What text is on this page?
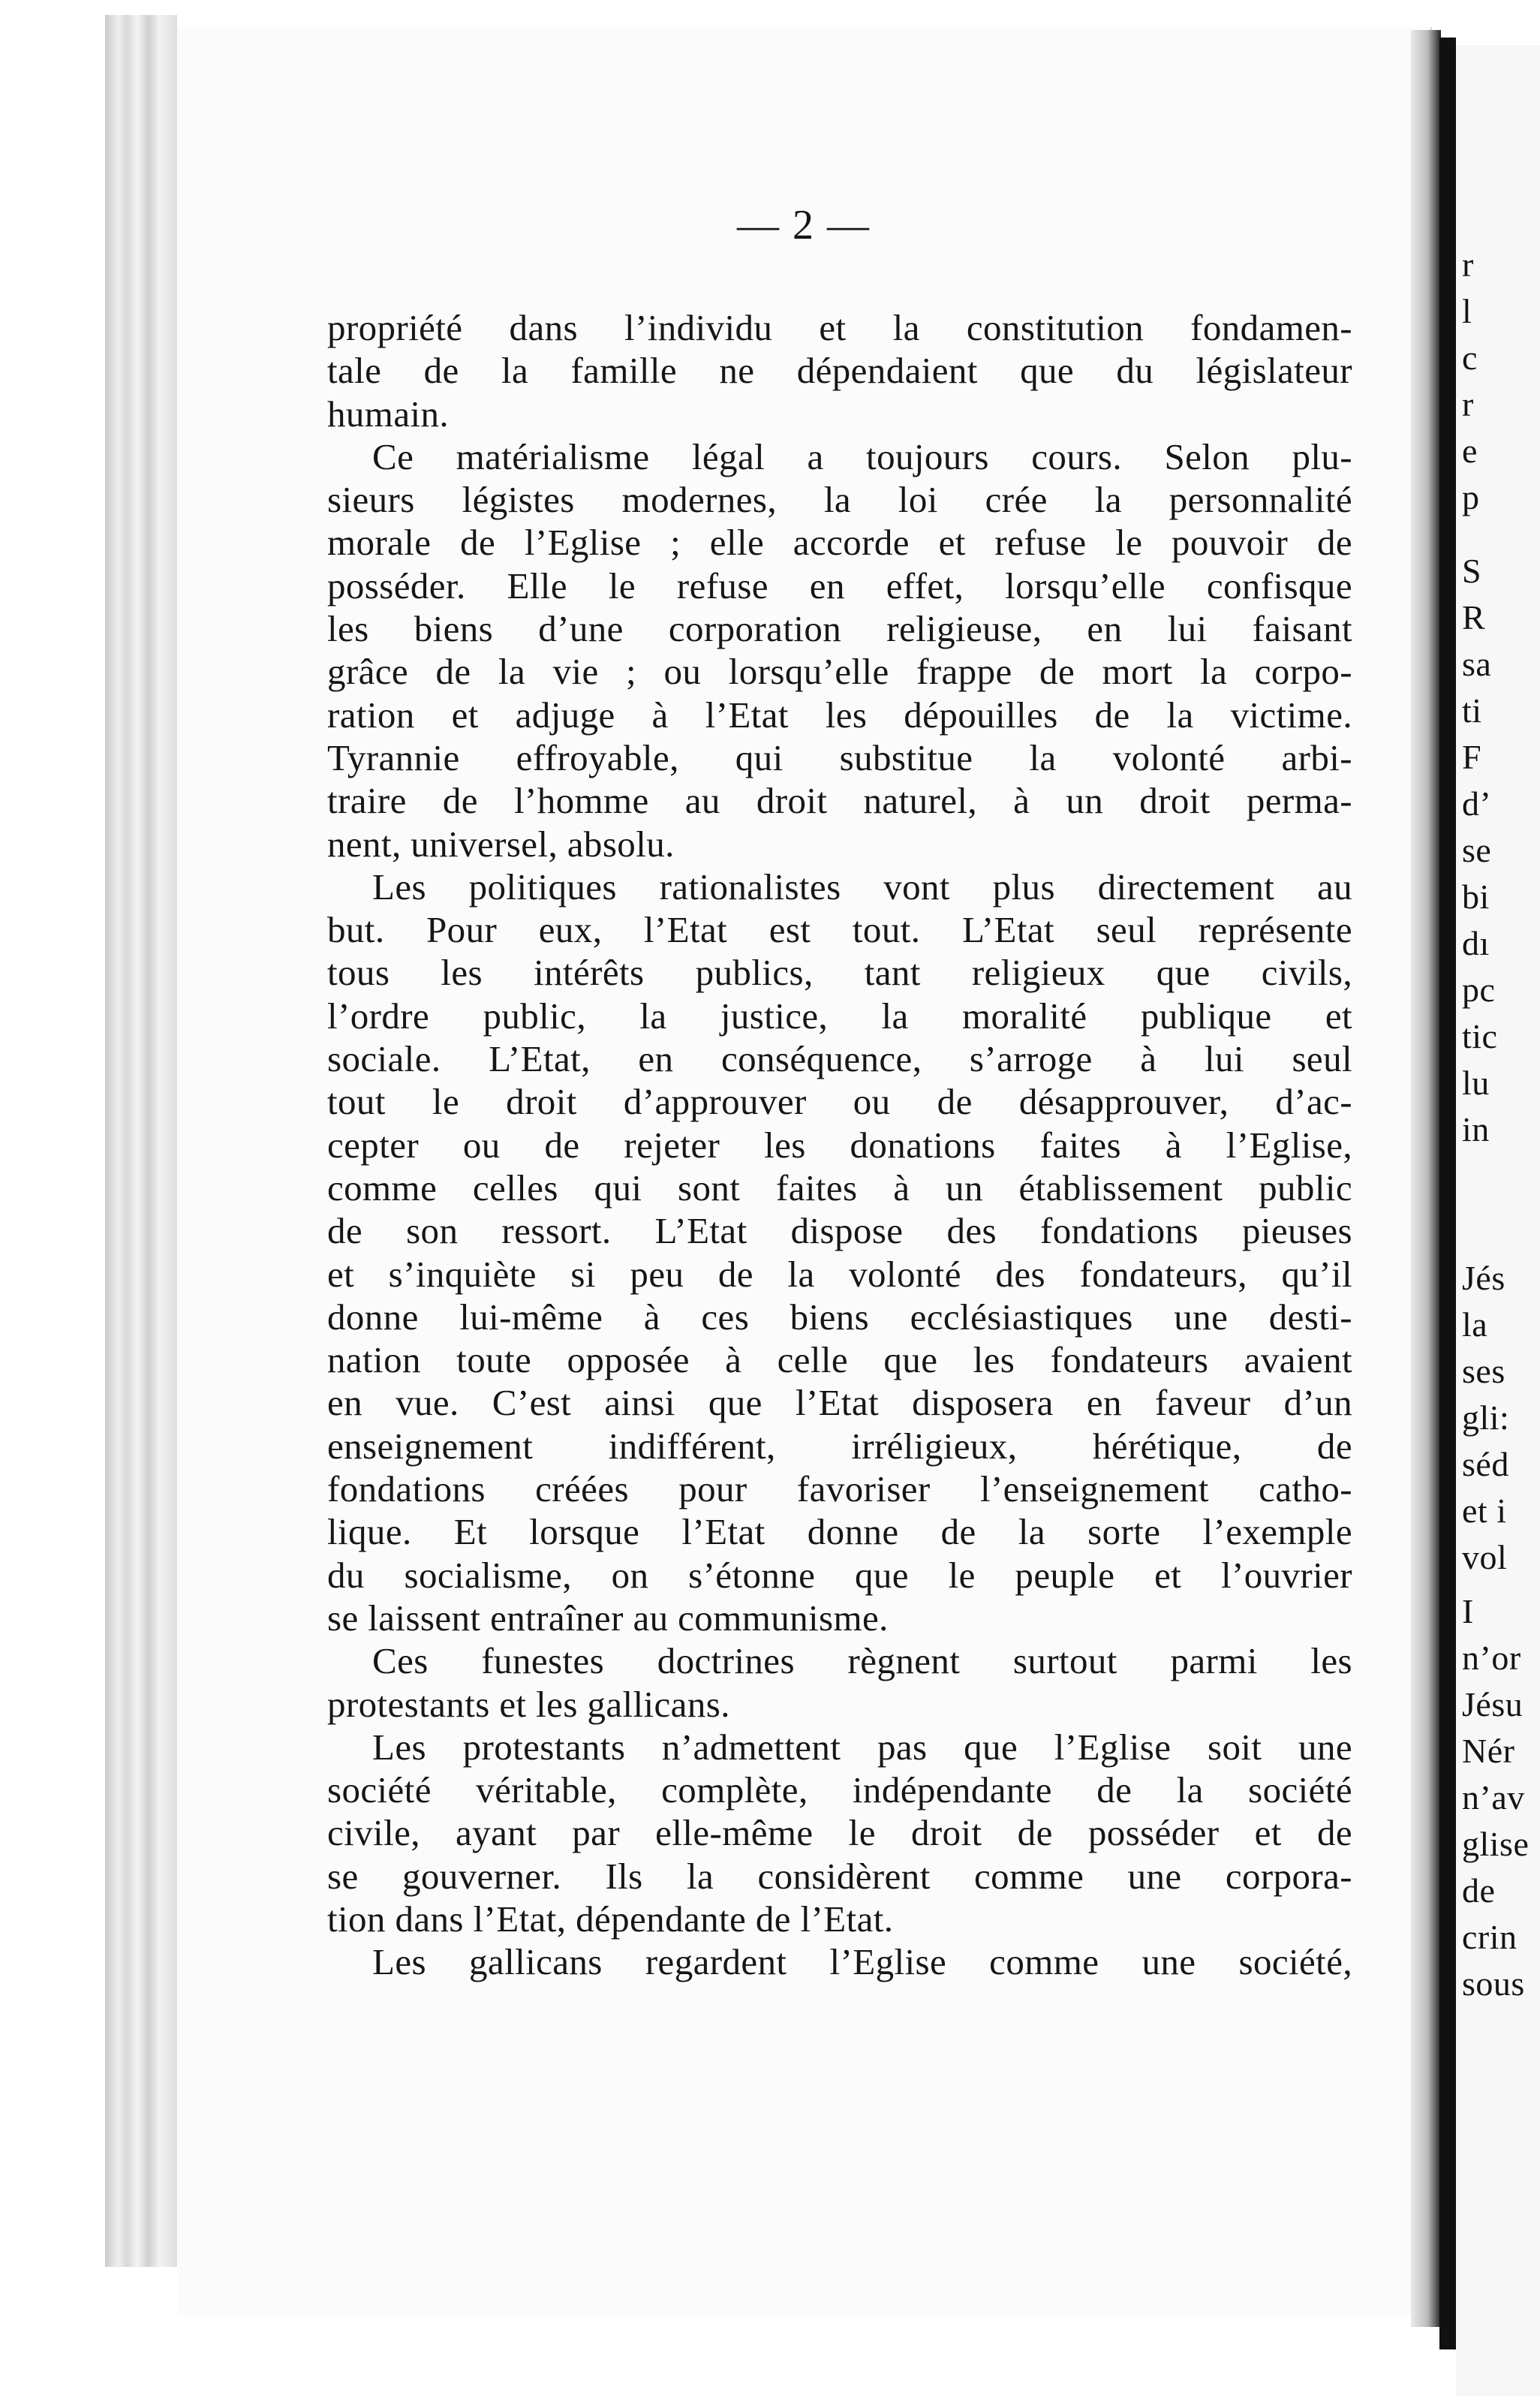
— 2 —
propriété dans l’individu et la constitution fondamen-
tale de la famille ne dépendaient que du législateur
humain.
Ce matérialisme légal a toujours cours. Selon plu-
sieurs légistes modernes, la loi crée la personnalité
morale de l’Eglise ; elle accorde et refuse le pouvoir de
posséder. Elle le refuse en effet, lorsqu’elle confisque
les biens d’une corporation religieuse, en lui faisant
grâce de la vie ; ou lorsqu’elle frappe de mort la corpo-
ration et adjuge à l’Etat les dépouilles de la victime.
Tyrannie effroyable, qui substitue la volonté arbi-
traire de l’homme au droit naturel, à un droit perma-
nent, universel, absolu.
Les politiques rationalistes vont plus directement au
but. Pour eux, l’Etat est tout. L’Etat seul représente
tous les intérêts publics, tant religieux que civils,
l’ordre public, la justice, la moralité publique et
sociale. L’Etat, en conséquence, s’arroge à lui seul
tout le droit d’approuver ou de désapprouver, d’ac-
cepter ou de rejeter les donations faites à l’Eglise,
comme celles qui sont faites à un établissement public
de son ressort. L’Etat dispose des fondations pieuses
et s’inquiète si peu de la volonté des fondateurs, qu’il
donne lui-même à ces biens ecclésiastiques une desti-
nation toute opposée à celle que les fondateurs avaient
en vue. C’est ainsi que l’Etat disposera en faveur d’un
enseignement indifférent, irréligieux, hérétique, de
fondations créées pour favoriser l’enseignement catho-
lique. Et lorsque l’Etat donne de la sorte l’exemple
du socialisme, on s’étonne que le peuple et l’ouvrier
se laissent entraîner au communisme.
Ces funestes doctrines règnent surtout parmi les
protestants et les gallicans.
Les protestants n’admettent pas que l’Eglise soit une
société véritable, complète, indépendante de la société
civile, ayant par elle-même le droit de posséder et de
se gouverner. Ils la considèrent comme une corpora-
tion dans l’Etat, dépendante de l’Etat.
Les gallicans regardent l’Eglise comme une société,
r
l
c
r
e
p
S
R
sa
ti
F
d’
se
bi
dı
pc
tic
lu
in
Jés
la
ses
gli:
séd
et i
vol
I
n’or
Jésu
Nér
n’av
glise
de
crin
sous
